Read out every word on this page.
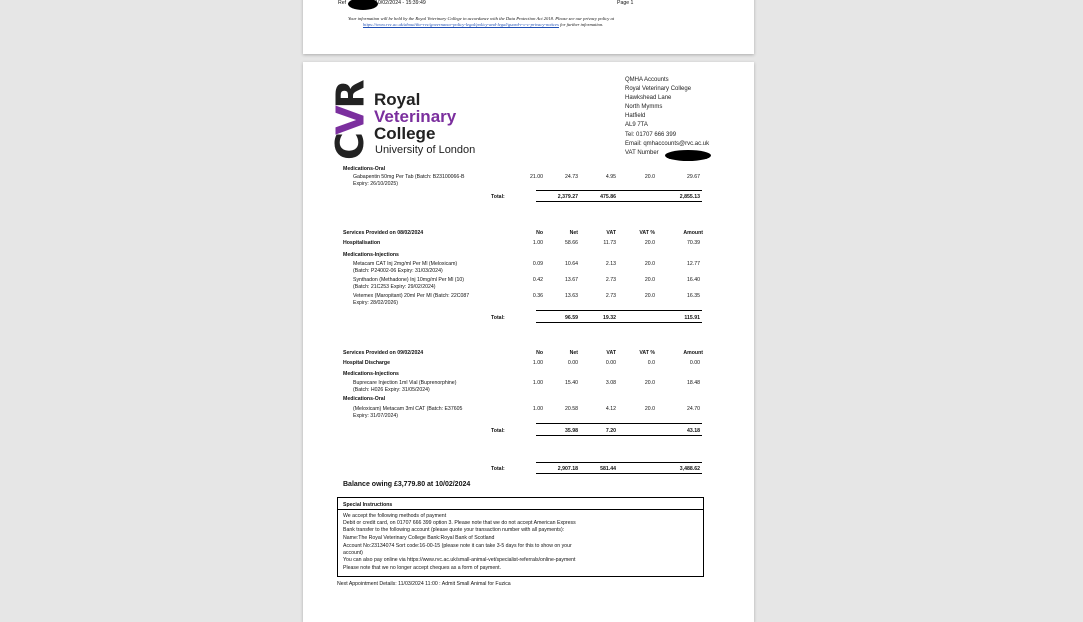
Ref	10/02/2024 - 15:39:49	Page 1
Your information will be held by the Royal Veterinary College in accordance with the Data Protection Act 2018. Please see our privacy policy at
https://www.rvc.ac.uk/about/the-rvc/governance-policy-legal/policy-and-legal/guard-r-c-c-privacy-notices for further information.
R
V
C
Royal
Veterinary
College
University of London
QMHA Accounts
Royal Veterinary College
Hawkshead Lane
North Mymms
Hatfield
AL9 7TA
Tel: 01707 666 399
Email: qmhaccounts@rvc.ac.uk
VAT Number
Medications-Oral
Gabapentin 50mg Per Tab (Batch: B23100066-B
Expiry: 26/10/2025)
21.00	24.73	4.95	20.0	29.67
Total:	2,379.27	475.86	2,855.13
Services Provided on 08/02/2024	No	Net	VAT	VAT %	Amount
Hospitalisation	1.00	58.66	11.73	20.0	70.39
Medications-Injections
Metacam CAT Inj 2mg/ml Per Ml (Meloxicam)
(Batch: P24002-06 Expiry: 31/03/2024)
0.09	10.64	2.13	20.0	12.77
Synthadon (Methadone) Inj 10mg/ml Per Ml (10)
(Batch: 21C253 Expiry: 29/02/2024)
0.42	13.67	2.73	20.0	16.40
Vetemex (Maropitant) 20ml Per Ml (Batch: 22C087
Expiry: 28/02/2026)
0.36	13.63	2.73	20.0	16.35
Total:	96.59	19.32	115.91
Services Provided on 09/02/2024	No	Net	VAT	VAT %	Amount
Hospital Discharge	1.00	0.00	0.00	0.0	0.00
Medications-Injections
Buprecare Injection 1ml Vial (Buprenorphine)
(Batch: H026 Expiry: 31/05/2024)
1.00	15.40	3.08	20.0	18.48
Medications-Oral
(Meloxicam) Metacam 3ml CAT (Batch: E37605
Expiry: 31/07/2024)
1.00	20.58	4.12	20.0	24.70
Total:	35.98	7.20	43.18
Total:	2,907.18	581.44	3,488.62
Balance owing £3,779.80 at 10/02/2024
Special Instructions
We accept the following methods of payment
Debit or credit card, on 01707 666 399 option 3. Please note that we do not accept American Express
Bank transfer to the following account (please quote your transaction number with all payments):
Name:The Royal Veterinary College Bank:Royal Bank of Scotland
Account No:23134074 Sort code:16-00-15 (please note it can take 3-5 days for this to show on your
account)
You can also pay online via https://www.rvc.ac.uk/small-animal-vet/specialist-referrals/online-payment
Please note that we no longer accept cheques as a form of payment.
Next Appointment Details: 11/03/2024 11:00 : Admit Small Animal for Fuzica
